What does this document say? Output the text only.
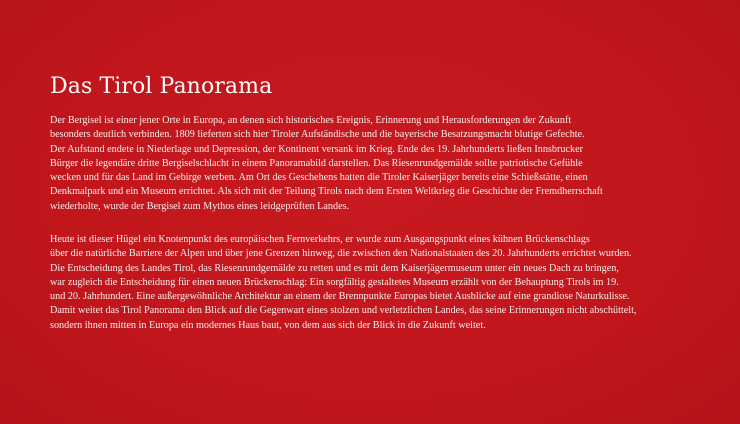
Das Tirol Panorama

Der Bergisel ist einer jener Orte in Europa, an denen sich historisches Ereignis, Erinnerung und Herausforderungen der Zukunft
besonders deutlich verbinden. 1809 lieferten sich hier Tiroler Aufständische und die bayerische Besatzungsmacht blutige Gefechte.
Der Aufstand endete in Niederlage und Depression, der Kontinent versank im Krieg. Ende des 19. Jahrhunderts ließen Innsbrucker
Bürger die legendäre dritte Bergiselschlacht in einem Panoramabild darstellen. Das Riesenrundgemälde sollte patriotische Gefühle
wecken und für das Land im Gebirge werben. Am Ort des Geschehens hatten die Tiroler Kaiserjäger bereits eine Schießstätte, einen
Denkmalpark und ein Museum errichtet. Als sich mit der Teilung Tirols nach dem Ersten Weltkrieg die Geschichte der Fremdherrschaft
wiederholte, wurde der Bergisel zum Mythos eines leidgeprüften Landes.

Heute ist dieser Hügel ein Knotenpunkt des europäischen Fernverkehrs, er wurde zum Ausgangspunkt eines kühnen Brückenschlags
über die natürliche Barriere der Alpen und über jene Grenzen hinweg, die zwischen den Nationalstaaten des 20. Jahrhunderts errichtet wurden.
Die Entscheidung des Landes Tirol, das Riesenrundgemälde zu retten und es mit dem Kaiserjägermuseum unter ein neues Dach zu bringen,
war zugleich die Entscheidung für einen neuen Brückenschlag: Ein sorgfältig gestaltetes Museum erzählt von der Behauptung Tirols im 19.
und 20. Jahrhundert. Eine außergewöhnliche Architektur an einem der Brennpunkte Europas bietet Ausblicke auf eine grandiose Naturkulisse.
Damit weitet das Tirol Panorama den Blick auf die Gegenwart eines stolzen und verletzlichen Landes, das seine Erinnerungen nicht abschüttelt,
sondern ihnen mitten in Europa ein modernes Haus baut, von dem aus sich der Blick in die Zukunft weitet.
